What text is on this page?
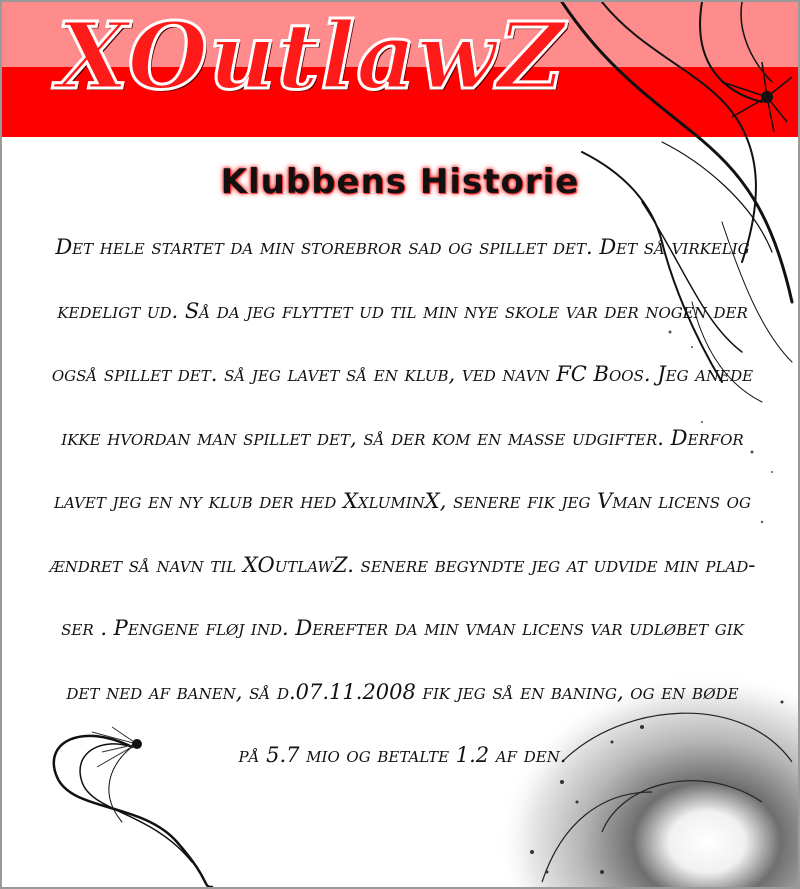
XOutlawZ
Klubbens Historie

Det hele startet da min storebror sad og spillet det. Det så virkelig

kedeligt ud. Så da jeg flyttet ud til min nye skole var der nogen der

også spillet det. så jeg lavet så en klub, ved navn FC Boos. Jeg anede

ikke hvordan man spillet det, så der kom en masse udgifter. Derfor

lavet jeg en ny klub der hed XxluminX, senere fik jeg Vman licens og

ændret så navn til XOutlawZ. senere begyndte jeg at udvide min plad-

ser . Pengene fløj ind. Derefter da min vman licens var udløbet gik

det ned af banen, så d.07.11.2008 fik jeg så en baning, og en bøde

på 5.7 mio og betalte 1.2 af den.
